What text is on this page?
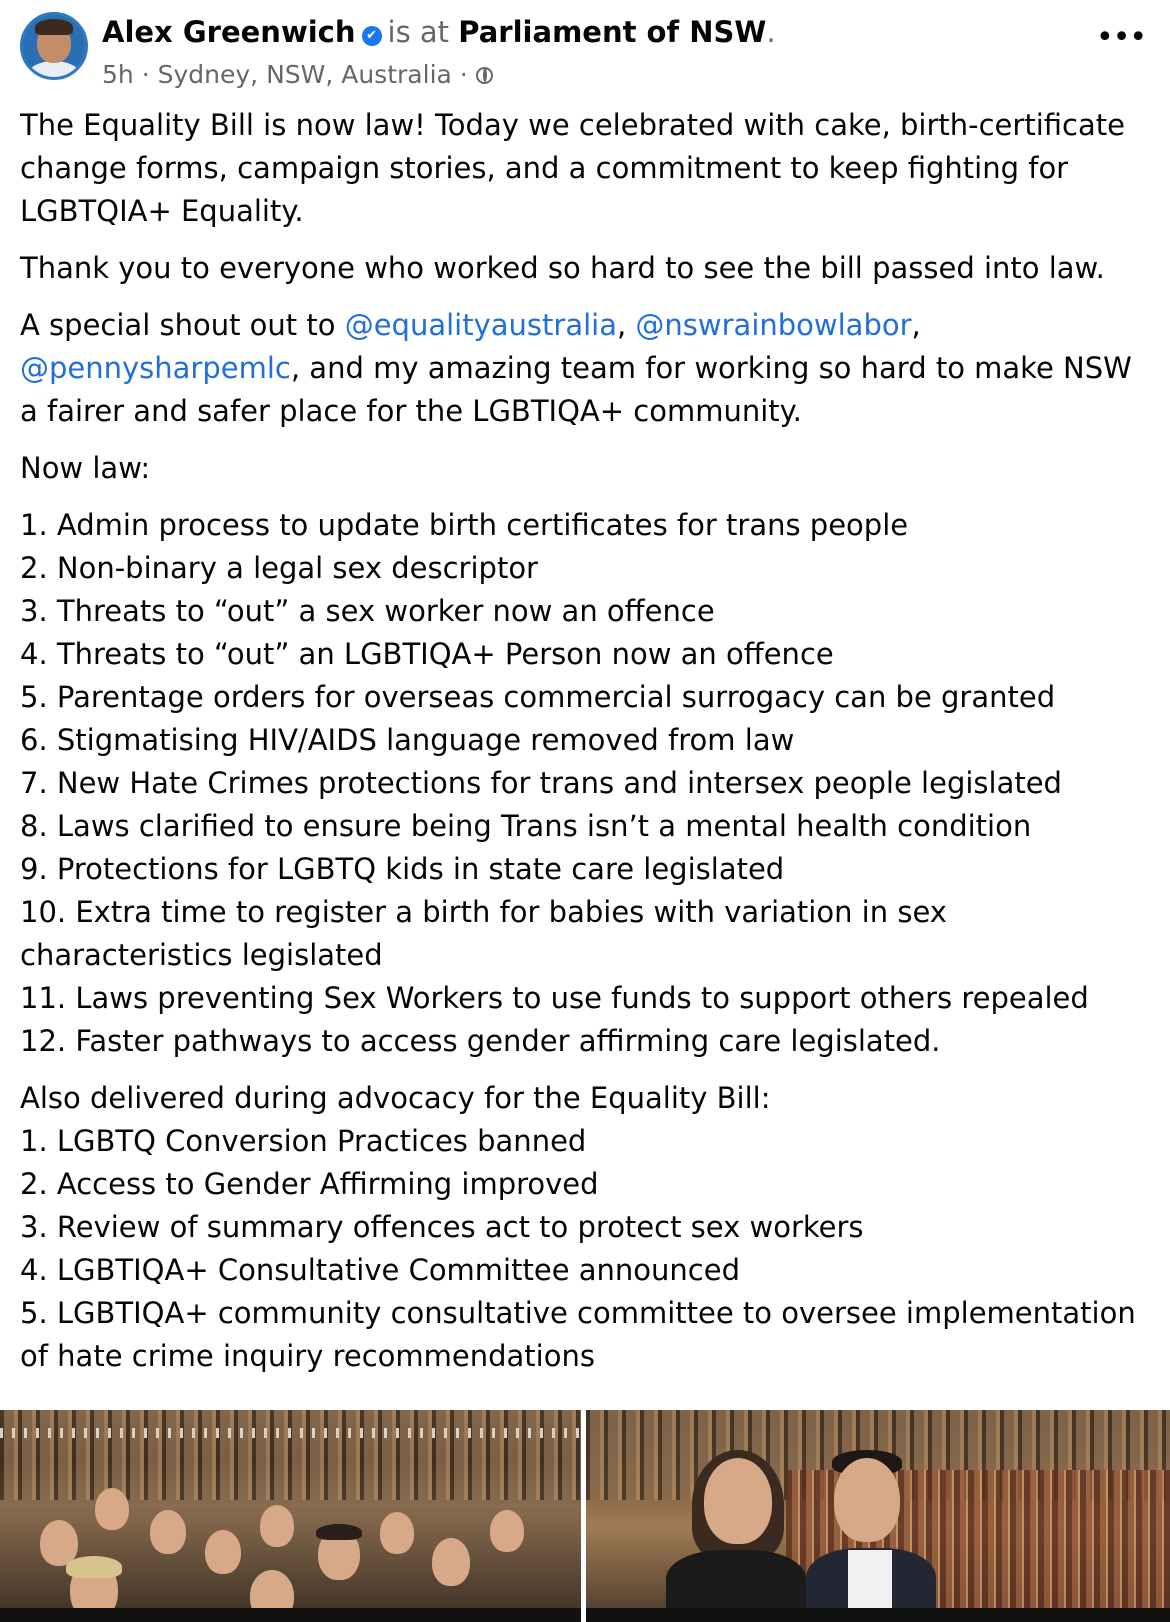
Alex Greenwich ✔ is at Parliament of NSW.
5h · Sydney, NSW, Australia ·
•••

The Equality Bill is now law! Today we celebrated with cake, birth-certificate change forms, campaign stories, and a commitment to keep fighting for LGBTQIA+ Equality.

Thank you to everyone who worked so hard to see the bill passed into law.

A special shout out to @equalityaustralia, @nswrainbowlabor, @pennysharpemlc, and my amazing team for working so hard to make NSW a fairer and safer place for the LGBTIQA+ community.

Now law:

1. Admin process to update birth certificates for trans people
2. Non-binary a legal sex descriptor
3. Threats to “out” a sex worker now an offence
4. Threats to “out” an LGBTIQA+ Person now an offence
5. Parentage orders for overseas commercial surrogacy can be granted
6. Stigmatising HIV/AIDS language removed from law
7. New Hate Crimes protections for trans and intersex people legislated
8. Laws clarified to ensure being Trans isn’t a mental health condition
9. Protections for LGBTQ kids in state care legislated
10. Extra time to register a birth for babies with variation in sex characteristics legislated
11. Laws preventing Sex Workers to use funds to support others repealed
12. Faster pathways to access gender affirming care legislated.

Also delivered during advocacy for the Equality Bill:

1. LGBTQ Conversion Practices banned
2. Access to Gender Affirming improved
3. Review of summary offences act to protect sex workers
4. LGBTIQA+ Consultative Committee announced
5. LGBTIQA+ community consultative committee to oversee implementation of hate crime inquiry recommendations
